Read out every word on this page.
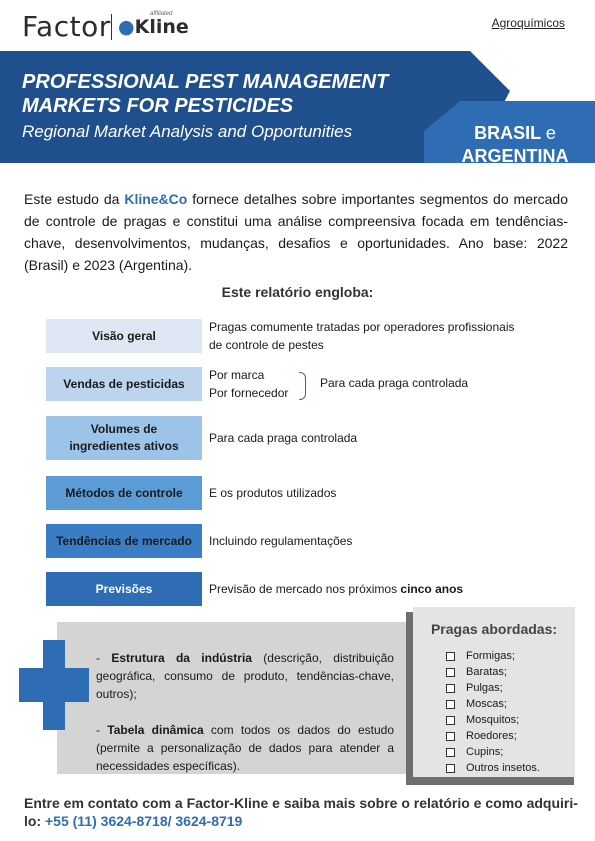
Factor ●Kline
affiliated
Agroquímicos
PROFESSIONAL PEST MANAGEMENT
MARKETS FOR PESTICIDES
Regional Market Analysis and Opportunities	BRASIL e
ARGENTINA
Este estudo da Kline&Co fornece detalhes sobre importantes segmentos do mercado de controle de pragas e constitui uma análise compreensiva focada em tendências-chave, desenvolvimentos, mudanças, desafios e oportunidades. Ano base: 2022 (Brasil) e 2023 (Argentina).
Este relatório engloba:
Visão geral
Pragas comumente tratadas por operadores profissionais
de controle de pestes
Vendas de pesticidas
Por marca
Por fornecedor
Para cada praga controlada
Volumes de
ingredientes ativos
Para cada praga controlada
Métodos de controle E os produtos utilizados
Tendências de mercado Incluindo regulamentações
Previsões	Previsão de mercado nos próximos cinco anos

- Estrutura da indústria (descrição, distribuição geográfica, consumo de produto, tendências-chave, outros);

- Tabela dinâmica com todos os dados do estudo (permite a personalização de dados para atender a necessidades específicas).

Pragas abordadas:
Formigas;
Baratas;
Pulgas;
Moscas;
Mosquitos;
Roedores;
Cupins;
Outros insetos.
Entre em contato com a Factor-Kline e saiba mais sobre o relatório e como adquiri-lo: +55 (11) 3624-8718/ 3624-8719
